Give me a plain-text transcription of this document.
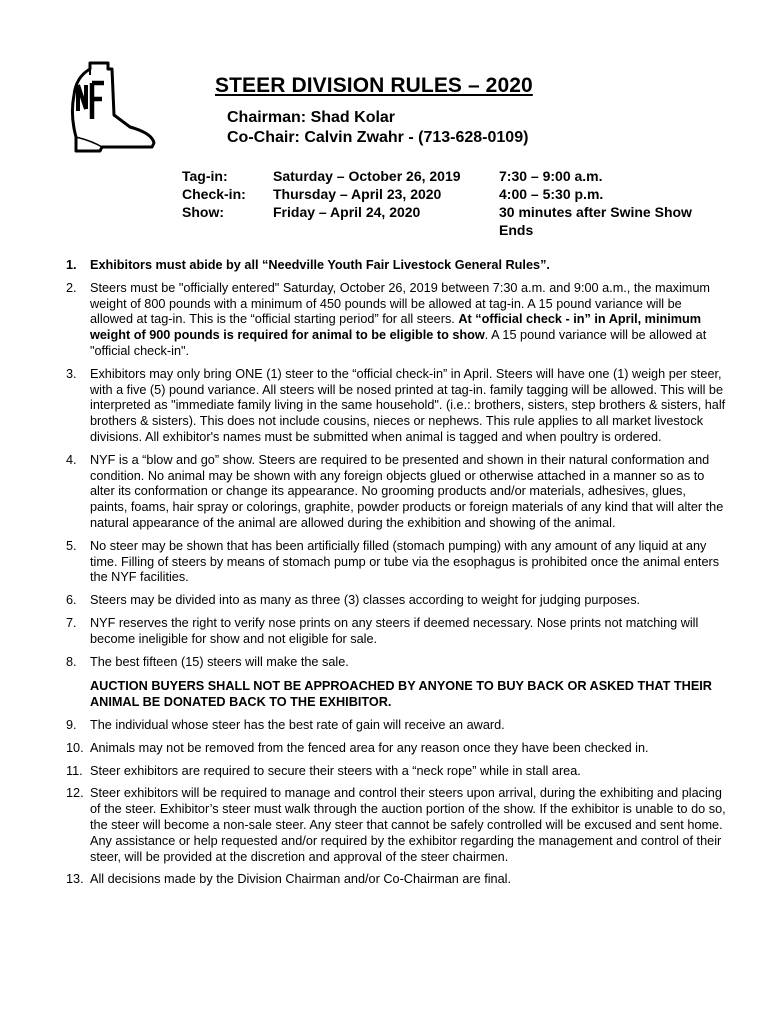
STEER DIVISION RULES – 2020
Chairman: Shad Kolar
Co-Chair: Calvin Zwahr - (713-628-0109)
Tag-in:	Saturday – October 26, 2019	7:30 – 9:00 a.m.
Check-in:	Thursday – April 23, 2020	4:00 – 5:30 p.m.
Show:	Friday – April 24, 2020	30 minutes after Swine Show Ends
1.	Exhibitors must abide by all “Needville Youth Fair Livestock General Rules”.
2.	Steers must be "officially entered" Saturday, October 26, 2019 between 7:30 a.m. and 9:00 a.m., the maximum weight of 800 pounds with a minimum of 450 pounds will be allowed at tag-in. A 15 pound variance will be allowed at tag-in. This is the “official starting period” for all steers. At “official check - in” in April, minimum weight of 900 pounds is required for animal to be eligible to show. A 15 pound variance will be allowed at "official check-in".
3.	Exhibitors may only bring ONE (1) steer to the “official check-in” in April. Steers will have one (1) weigh per steer, with a five (5) pound variance. All steers will be nosed printed at tag-in. family tagging will be allowed. This will be interpreted as "immediate family living in the same household". (i.e.: brothers, sisters, step brothers & sisters, half brothers & sisters). This does not include cousins, nieces or nephews. This rule applies to all market livestock divisions. All exhibitor's names must be submitted when animal is tagged and when poultry is ordered.
4.	NYF is a “blow and go” show. Steers are required to be presented and shown in their natural conformation and condition. No animal may be shown with any foreign objects glued or otherwise attached in a manner so as to alter its conformation or change its appearance. No grooming products and/or materials, adhesives, glues, paints, foams, hair spray or colorings, graphite, powder products or foreign materials of any kind that will alter the natural appearance of the animal are allowed during the exhibition and showing of the animal.
5.	No steer may be shown that has been artificially filled (stomach pumping) with any amount of any liquid at any time. Filling of steers by means of stomach pump or tube via the esophagus is prohibited once the animal enters the NYF facilities.
6.	Steers may be divided into as many as three (3) classes according to weight for judging purposes.
7.	NYF reserves the right to verify nose prints on any steers if deemed necessary. Nose prints not matching will become ineligible for show and not eligible for sale.
8.	The best fifteen (15) steers will make the sale.
AUCTION BUYERS SHALL NOT BE APPROACHED BY ANYONE TO BUY BACK OR ASKED THAT THEIR ANIMAL BE DONATED BACK TO THE EXHIBITOR.
9.	The individual whose steer has the best rate of gain will receive an award.
10. Animals may not be removed from the fenced area for any reason once they have been checked in.
11. Steer exhibitors are required to secure their steers with a “neck rope” while in stall area.
12. Steer exhibitors will be required to manage and control their steers upon arrival, during the exhibiting and placing of the steer. Exhibitor’s steer must walk through the auction portion of the show. If the exhibitor is unable to do so, the steer will become a non-sale steer. Any steer that cannot be safely controlled will be excused and sent home. Any assistance or help requested and/or required by the exhibitor regarding the management and control of their steer, will be provided at the discretion and approval of the steer chairmen.
13. All decisions made by the Division Chairman and/or Co-Chairman are final.
